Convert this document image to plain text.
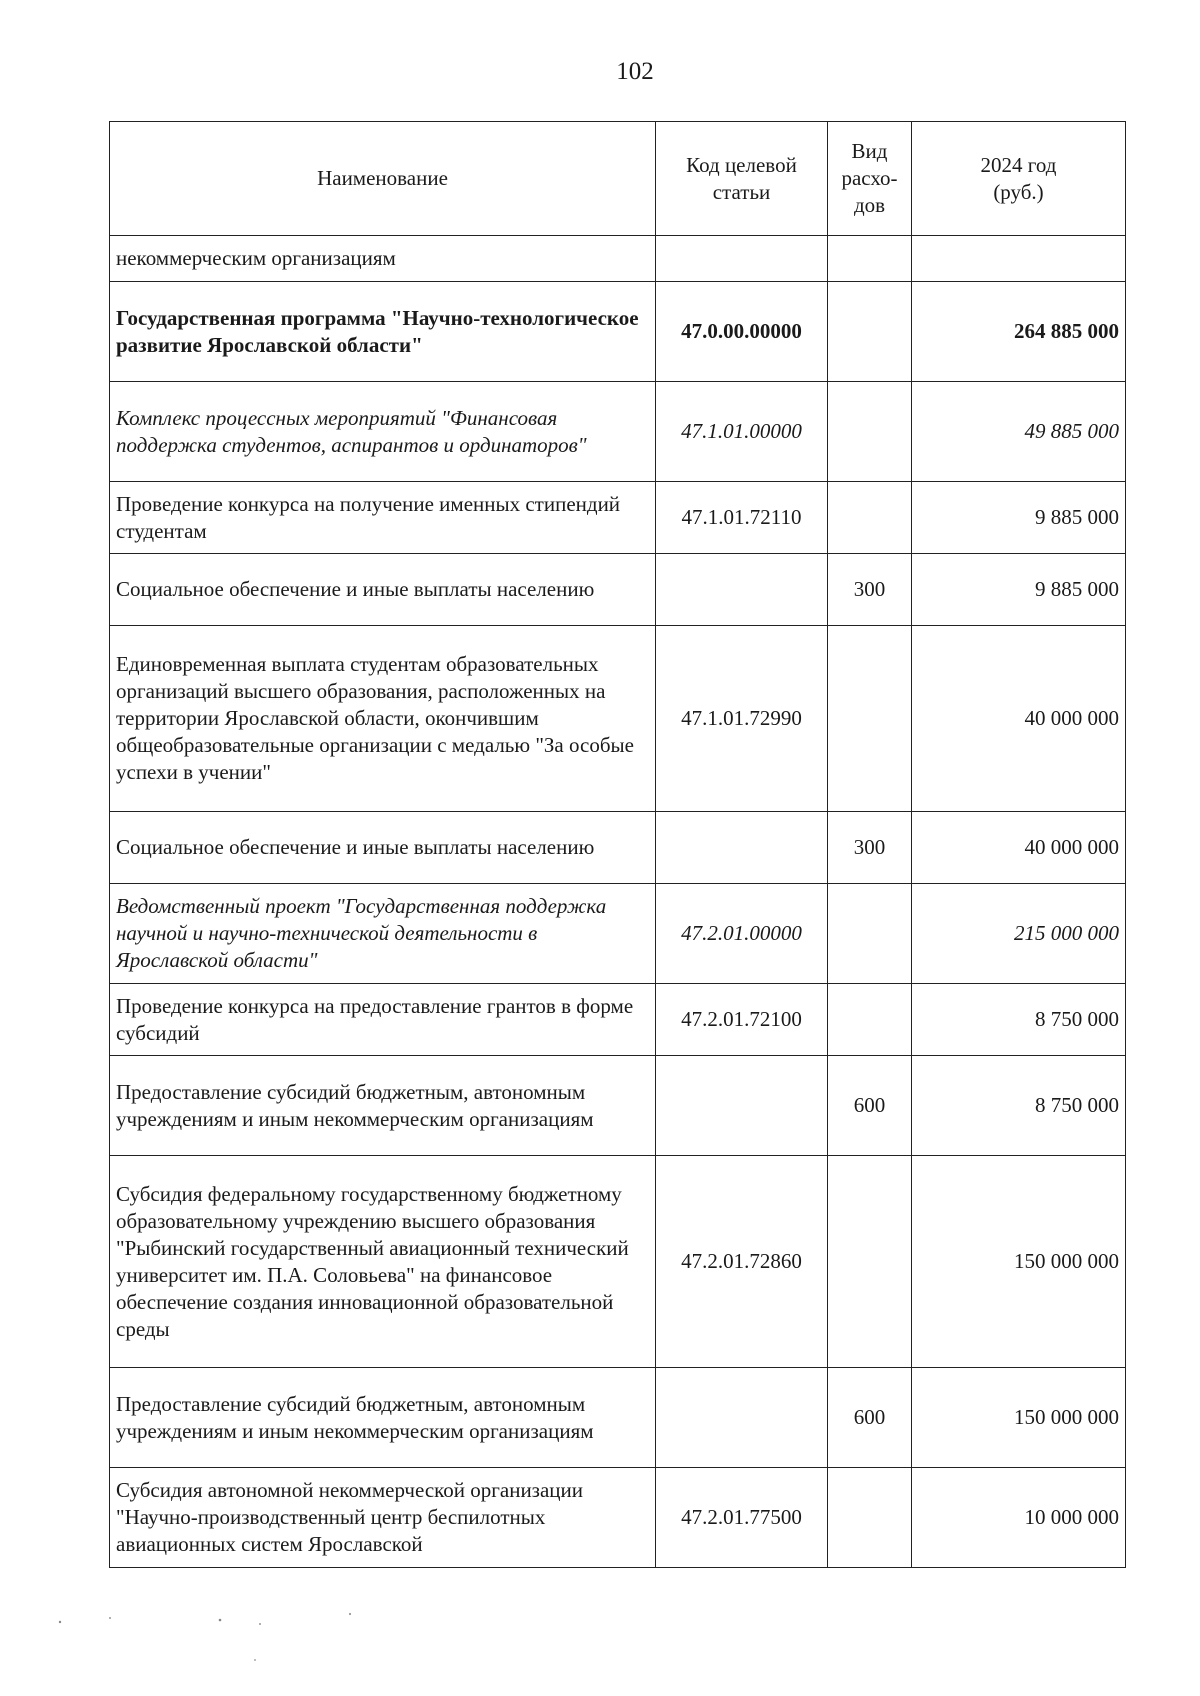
102
Наименование	Код целевой статьи	Вид расхо-дов	2024 год (руб.)
некоммерческим организациям			
Государственная программа "Научно-технологическое развитие Ярославской области"	47.0.00.00000		264 885 000
Комплекс процессных мероприятий "Финансовая поддержка студентов, аспирантов и ординаторов"	47.1.01.00000		49 885 000
Проведение конкурса на получение именных стипендий студентам	47.1.01.72110		9 885 000
Социальное обеспечение и иные выплаты населению		300	9 885 000
Единовременная выплата студентам образовательных организаций высшего образования, расположенных на территории Ярославской области, окончившим общеобразовательные организации с медалью "За особые успехи в учении"	47.1.01.72990		40 000 000
Социальное обеспечение и иные выплаты населению		300	40 000 000
Ведомственный проект "Государственная поддержка научной и научно-технической деятельности в Ярославской области"	47.2.01.00000		215 000 000
Проведение конкурса на предоставление грантов в форме субсидий	47.2.01.72100		8 750 000
Предоставление субсидий бюджетным, автономным учреждениям и иным некоммерческим организациям		600	8 750 000
Субсидия федеральному государственному бюджетному образовательному учреждению высшего образования "Рыбинский государственный авиационный технический университет им. П.А. Соловьева" на финансовое обеспечение создания инновационной образовательной среды	47.2.01.72860		150 000 000
Предоставление субсидий бюджетным, автономным учреждениям и иным некоммерческим организациям		600	150 000 000
Субсидия автономной некоммерческой организации "Научно-производственный центр беспилотных авиационных систем Ярославской	47.2.01.77500		10 000 000
